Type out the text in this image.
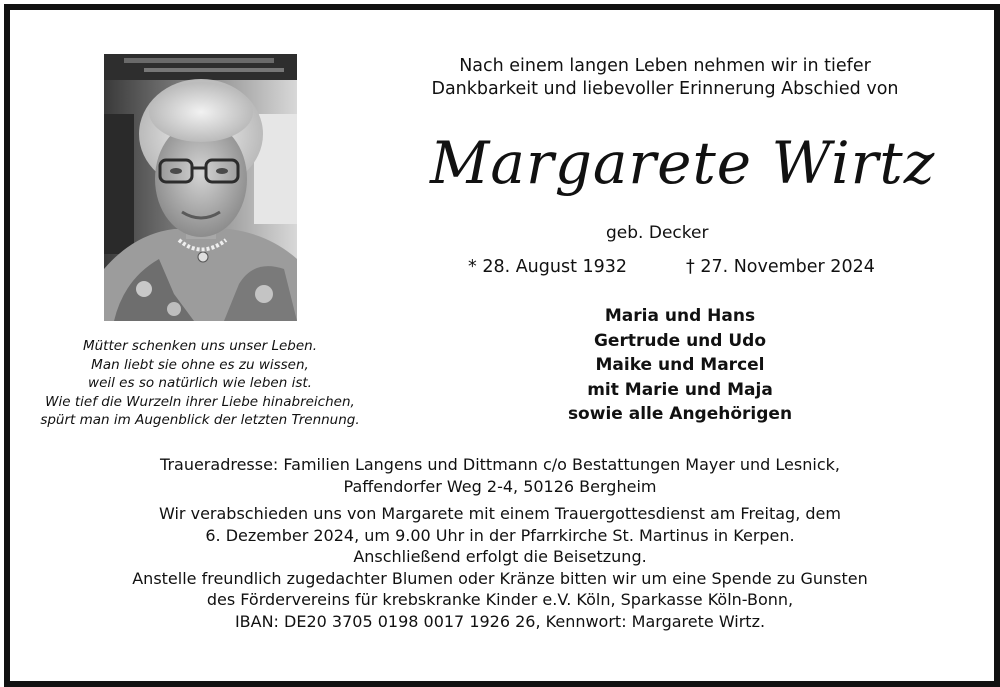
Mütter schenken uns unser Leben.
Man liebt sie ohne es zu wissen,
weil es so natürlich wie leben ist.
Wie tief die Wurzeln ihrer Liebe hinabreichen,
spürt man im Augenblick der letzten Trennung.
Nach einem langen Leben nehmen wir in tiefer
Dankbarkeit und liebevoller Erinnerung Abschied von
Margarete Wirtz
geb. Decker
* 28. August 1932	† 27. November 2024
Maria und Hans
Gertrude und Udo
Maike und Marcel
mit Marie und Maja
sowie alle Angehörigen
Traueradresse: Familien Langens und Dittmann c/o Bestattungen Mayer und Lesnick,
Paffendorfer Weg 2-4, 50126 Bergheim
Wir verabschieden uns von Margarete mit einem Trauergottesdienst am Freitag, dem
6. Dezember 2024, um 9.00 Uhr in der Pfarrkirche St. Martinus in Kerpen.
Anschließend erfolgt die Beisetzung.
Anstelle freundlich zugedachter Blumen oder Kränze bitten wir um eine Spende zu Gunsten
des Fördervereins für krebskranke Kinder e.V. Köln, Sparkasse Köln-Bonn,
IBAN: DE20 3705 0198 0017 1926 26, Kennwort: Margarete Wirtz.
